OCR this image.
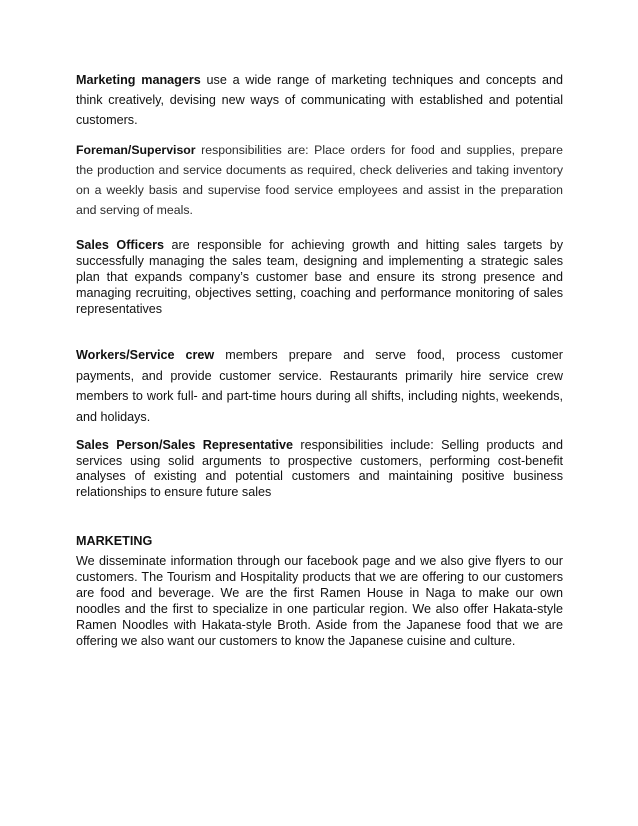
Marketing managers use a wide range of marketing techniques and concepts and think creatively, devising new ways of communicating with established and potential customers.

Foreman/Supervisor responsibilities are: Place orders for food and supplies, prepare the production and service documents as required, check deliveries and taking inventory on a weekly basis and supervise food service employees and assist in the preparation and serving of meals.

Sales Officers are responsible for achieving growth and hitting sales targets by successfully managing the sales team, designing and implementing a strategic sales plan that expands company’s customer base and ensure its strong presence and managing recruiting, objectives setting, coaching and performance monitoring of sales representatives

Workers/Service crew members prepare and serve food, process customer payments, and provide customer service. Restaurants primarily hire service crew members to work full- and part-time hours during all shifts, including nights, weekends, and holidays.

Sales Person/Sales Representative responsibilities include: Selling products and services using solid arguments to prospective customers, performing cost-benefit analyses of existing and potential customers and maintaining positive business relationships to ensure future sales

MARKETING

We disseminate information through our facebook page and we also give flyers to our customers. The Tourism and Hospitality products that we are offering to our customers are food and beverage. We are the first Ramen House in Naga to make our own noodles and the first to specialize in one particular region. We also offer Hakata-style Ramen Noodles with Hakata-style Broth. Aside from the Japanese food that we are offering we also want our customers to know the Japanese cuisine and culture.
